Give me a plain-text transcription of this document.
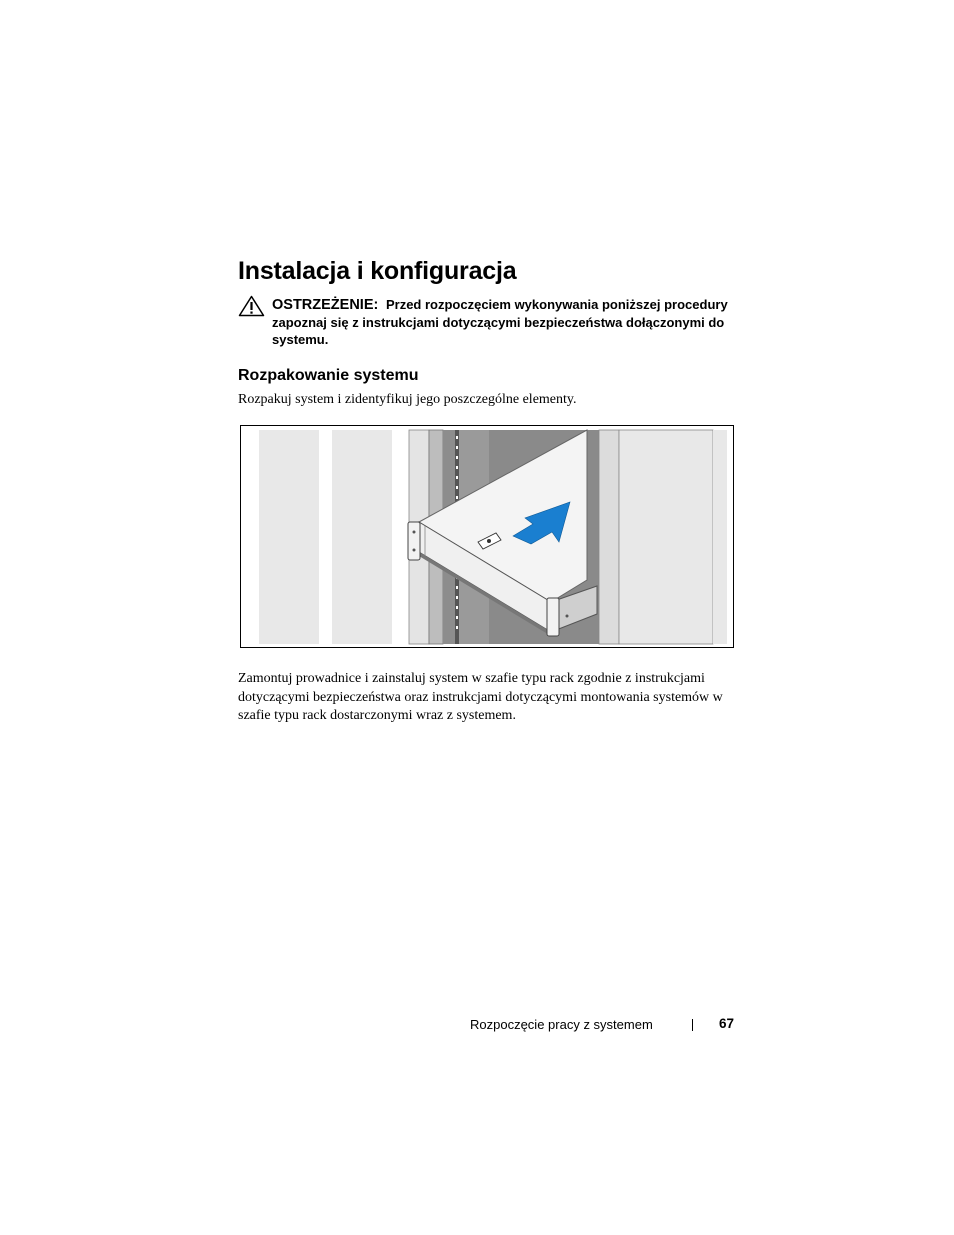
Instalacja i konfiguracja
OSTRZEŻENIE: Przed rozpoczęciem wykonywania poniższej procedury zapoznaj się z instrukcjami dotyczącymi bezpieczeństwa dołączonymi do systemu.
Rozpakowanie systemu

Rozpakuj system i zidentyfikuj jego poszczególne elementy.

Zamontuj prowadnice i zainstaluj system w szafie typu rack zgodnie z instrukcjami dotyczącymi bezpieczeństwa oraz instrukcjami dotyczącymi montowania systemów w szafie typu rack dostarczonymi wraz z systemem.

Rozpoczęcie pracy z systemem	67
